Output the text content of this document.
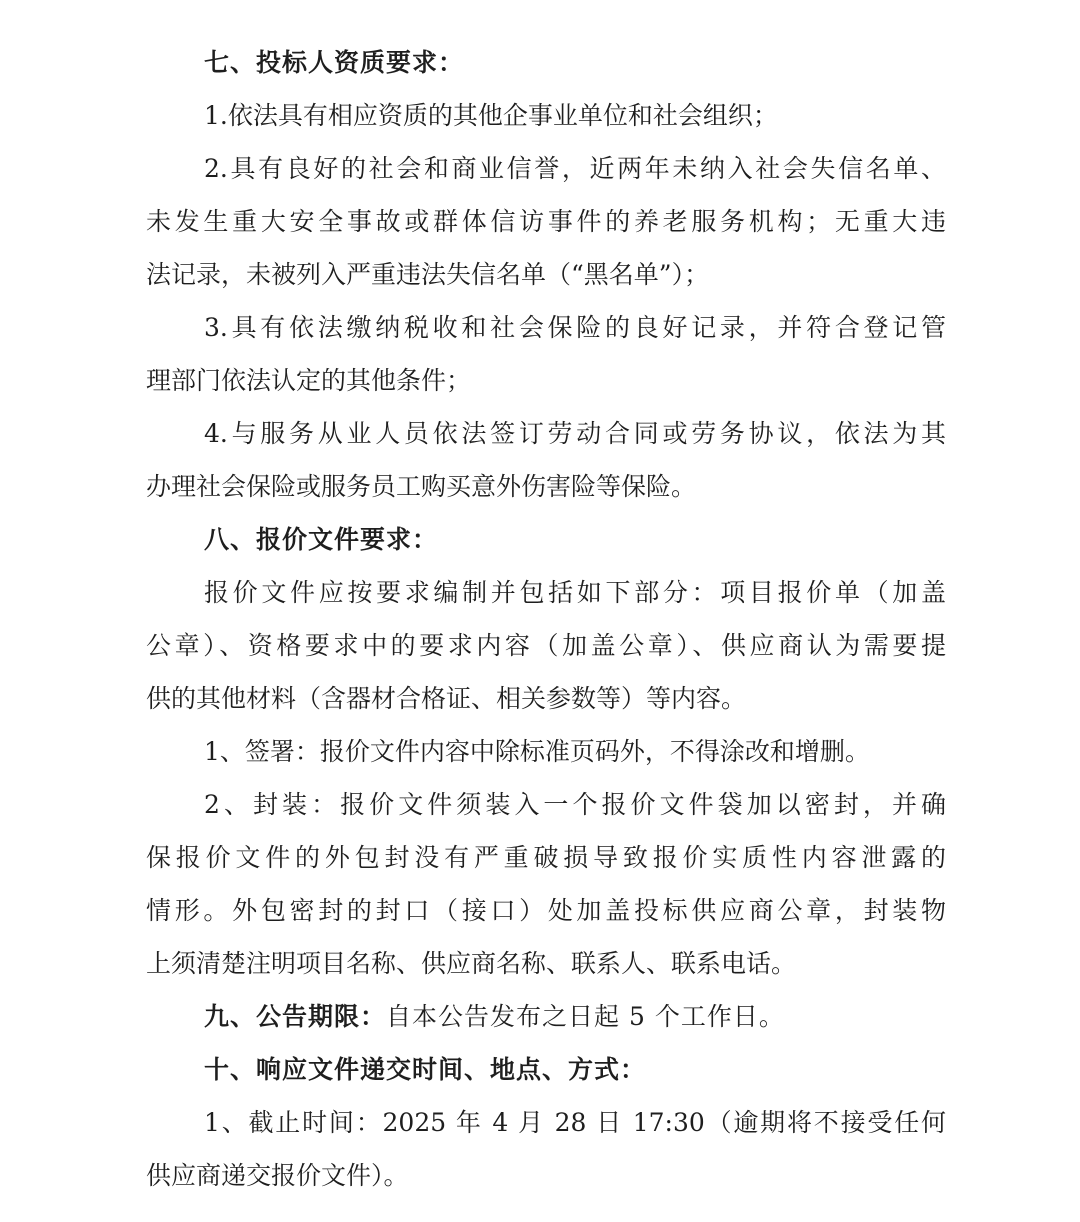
七、投标人资质要求：
1.依法具有相应资质的其他企事业单位和社会组织；
2.具有良好的社会和商业信誉，近两年未纳入社会失信名单、
未发生重大安全事故或群体信访事件的养老服务机构；无重大违
法记录，未被列入严重违法失信名单（“黑名单”）；
3.具有依法缴纳税收和社会保险的良好记录，并符合登记管
理部门依法认定的其他条件；
4.与服务从业人员依法签订劳动合同或劳务协议，依法为其
办理社会保险或服务员工购买意外伤害险等保险。
八、报价文件要求：
报价文件应按要求编制并包括如下部分：项目报价单（加盖
公章）、资格要求中的要求内容（加盖公章）、供应商认为需要提
供的其他材料（含器材合格证、相关参数等）等内容。
1、签署：报价文件内容中除标准页码外，不得涂改和增删。
2、封装：报价文件须装入一个报价文件袋加以密封，并确
保报价文件的外包封没有严重破损导致报价实质性内容泄露的
情形。外包密封的封口（接口）处加盖投标供应商公章，封装物
上须清楚注明项目名称、供应商名称、联系人、联系电话。
九、公告期限：自本公告发布之日起 5 个工作日。
十、响应文件递交时间、地点、方式：
1、截止时间：2025 年 4 月 28 日 17:30（逾期将不接受任何
供应商递交报价文件）。
